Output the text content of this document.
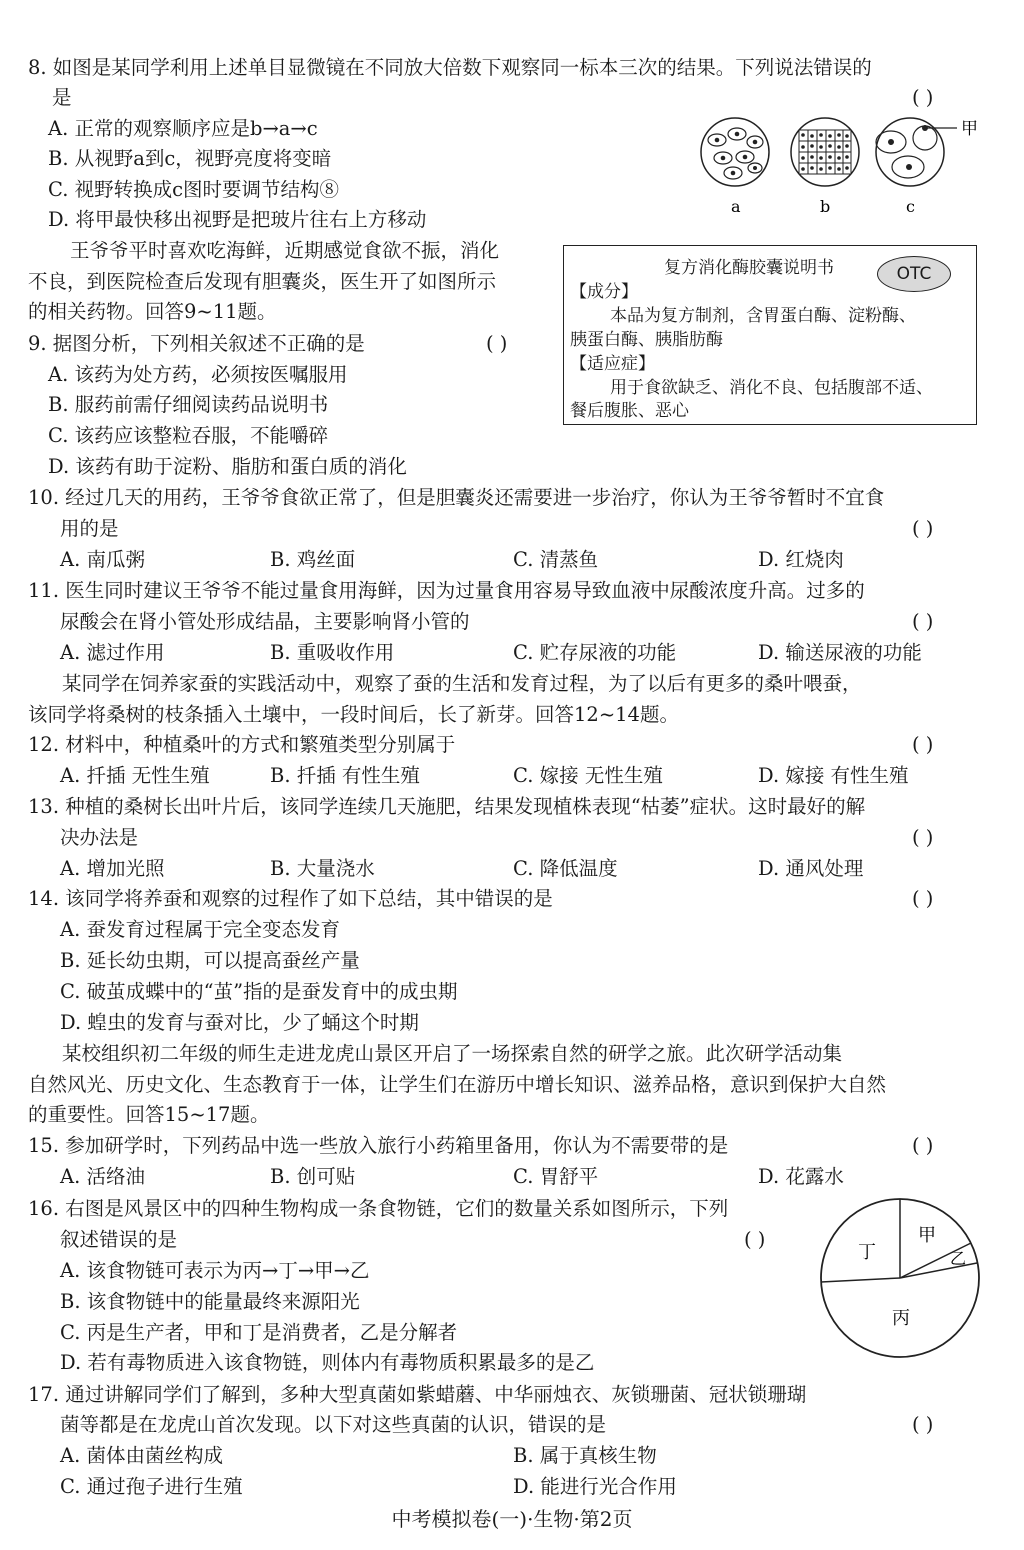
8. 如图是某同学利用上述单目显微镜在不同放大倍数下观察同一标本三次的结果。下列说法错误的
是	( )
A. 正常的观察顺序应是b→a→c
B. 从视野a到c，视野亮度将变暗
C. 视野转换成c图时要调节结构⑧
D. 将甲最快移出视野是把玻片往右上方移动
a	b
甲
c
王爷爷平时喜欢吃海鲜，近期感觉食欲不振，消化
不良，到医院检查后发现有胆囊炎，医生开了如图所示
的相关药物。回答9~11题。
复方消化酶胶囊说明书	OTC
【成分】
本品为复方制剂，含胃蛋白酶、淀粉酶、
胰蛋白酶、胰脂肪酶
【适应症】
用于食欲缺乏、消化不良、包括腹部不适、
餐后腹胀、恶心
9. 据图分析，下列相关叙述不正确的是	( )
A. 该药为处方药，必须按医嘱服用
B. 服药前需仔细阅读药品说明书
C. 该药应该整粒吞服，不能嚼碎
D. 该药有助于淀粉、脂肪和蛋白质的消化
10. 经过几天的用药，王爷爷食欲正常了，但是胆囊炎还需要进一步治疗，你认为王爷爷暂时不宜食
用的是	( )
A. 南瓜粥	B. 鸡丝面	C. 清蒸鱼	D. 红烧肉
11. 医生同时建议王爷爷不能过量食用海鲜，因为过量食用容易导致血液中尿酸浓度升高。过多的
尿酸会在肾小管处形成结晶，主要影响肾小管的	( )
A. 滤过作用	B. 重吸收作用	C. 贮存尿液的功能	D. 输送尿液的功能
某同学在饲养家蚕的实践活动中，观察了蚕的生活和发育过程，为了以后有更多的桑叶喂蚕，
该同学将桑树的枝条插入土壤中，一段时间后，长了新芽。回答12~14题。
12. 材料中，种植桑叶的方式和繁殖类型分别属于	( )
A. 扦插 无性生殖	B. 扦插 有性生殖	C. 嫁接 无性生殖	D. 嫁接 有性生殖
13. 种植的桑树长出叶片后，该同学连续几天施肥，结果发现植株表现“枯萎”症状。这时最好的解
决办法是	( )
A. 增加光照	B. 大量浇水	C. 降低温度	D. 通风处理
14. 该同学将养蚕和观察的过程作了如下总结，其中错误的是	( )
A. 蚕发育过程属于完全变态发育
B. 延长幼虫期，可以提高蚕丝产量
C. 破茧成蝶中的“茧”指的是蚕发育中的成虫期
D. 蝗虫的发育与蚕对比，少了蛹这个时期
某校组织初二年级的师生走进龙虎山景区开启了一场探索自然的研学之旅。此次研学活动集
自然风光、历史文化、生态教育于一体，让学生们在游历中增长知识、滋养品格，意识到保护大自然
的重要性。回答15~17题。
15. 参加研学时，下列药品中选一些放入旅行小药箱里备用，你认为不需要带的是	( )
A. 活络油	B. 创可贴	C. 胃舒平	D. 花露水
16. 右图是风景区中的四种生物构成一条食物链，它们的数量关系如图所示，下列
叙述错误的是	( )
A. 该食物链可表示为丙→丁→甲→乙
B. 该食物链中的能量最终来源阳光
C. 丙是生产者，甲和丁是消费者，乙是分解者
D. 若有毒物质进入该食物链，则体内有毒物质积累最多的是乙
丁
甲
乙
丙
17. 通过讲解同学们了解到，多种大型真菌如紫蜡蘑、中华丽烛衣、灰锁珊菌、冠状锁珊瑚
菌等都是在龙虎山首次发现。以下对这些真菌的认识，错误的是	( )
A. 菌体由菌丝构成	B. 属于真核生物
C. 通过孢子进行生殖	D. 能进行光合作用
中考模拟卷(一)·生物·第2页
